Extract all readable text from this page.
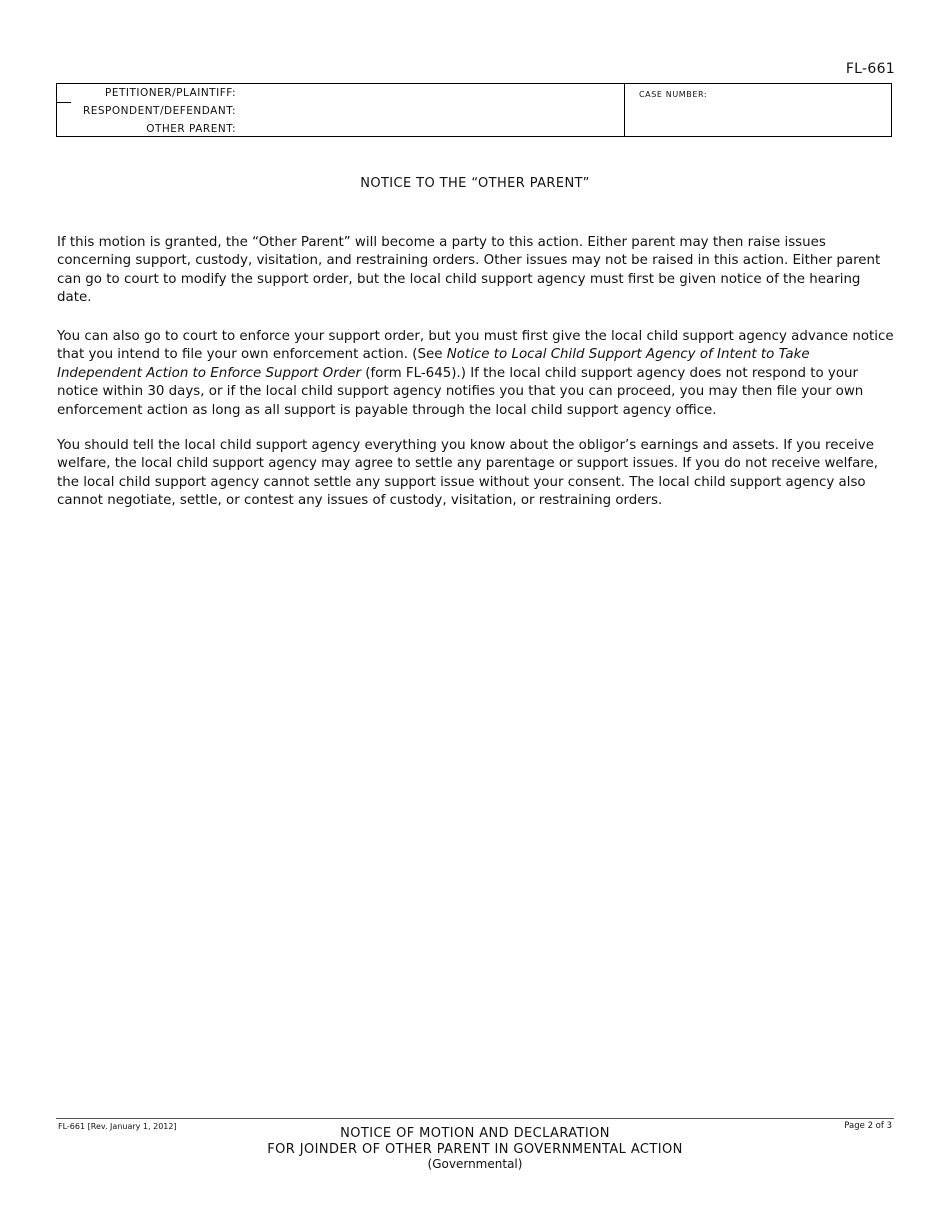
FL-661
PETITIONER/PLAINTIFF:
RESPONDENT/DEFENDANT:
OTHER PARENT:
CASE NUMBER:
NOTICE TO THE “OTHER PARENT”

If this motion is granted, the “Other Parent” will become a party to this action. Either parent may then raise issues concerning support, custody, visitation, and restraining orders. Other issues may not be raised in this action. Either parent can go to court to modify the support order, but the local child support agency must first be given notice of the hearing date.

You can also go to court to enforce your support order, but you must first give the local child support agency advance notice that you intend to file your own enforcement action. (See Notice to Local Child Support Agency of Intent to Take Independent Action to Enforce Support Order (form FL-645).) If the local child support agency does not respond to your notice within 30 days, or if the local child support agency notifies you that you can proceed, you may then file your own enforcement action as long as all support is payable through the local child support agency office.

You should tell the local child support agency everything you know about the obligor’s earnings and assets. If you receive welfare, the local child support agency may agree to settle any parentage or support issues. If you do not receive welfare, the local child support agency cannot settle any support issue without your consent. The local child support agency also cannot negotiate, settle, or contest any issues of custody, visitation, or restraining orders.

FL-661 [Rev. January 1, 2012]	Page 2 of 3
NOTICE OF MOTION AND DECLARATION
FOR JOINDER OF OTHER PARENT IN GOVERNMENTAL ACTION
(Governmental)
